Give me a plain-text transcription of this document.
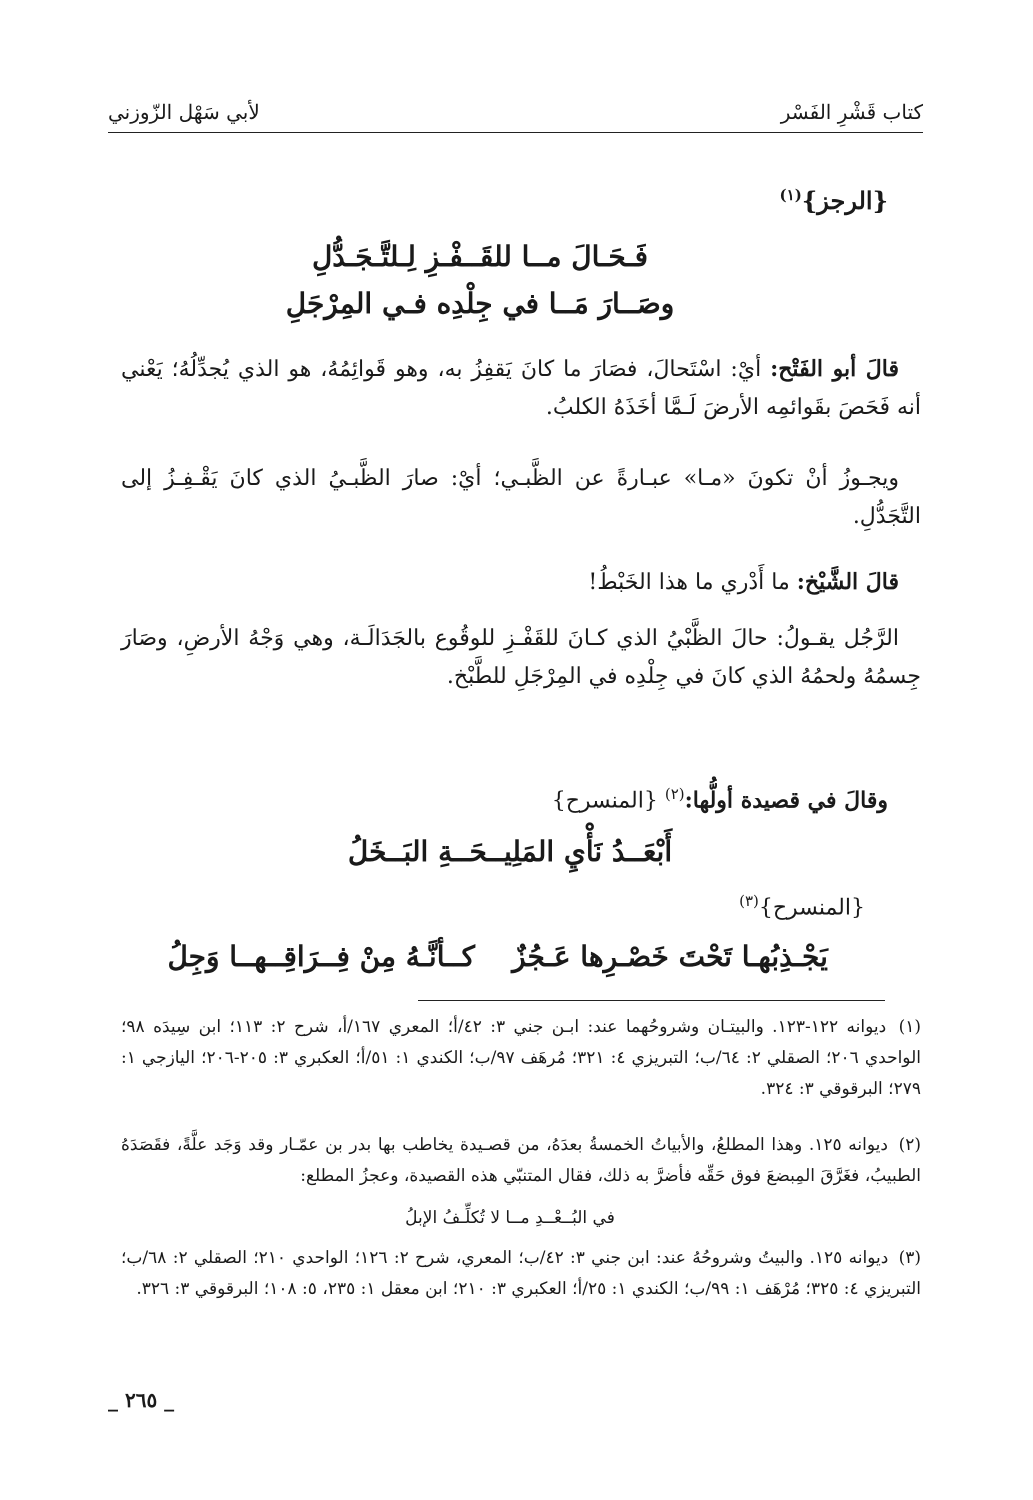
كتاب قَشْرِ الفَسْر
لأبي سَهْل الزّوزني
{الرجز}$^{(١)}$
فَـحَـالَ مــا للقَــفْـزِ لِـلتَّـجَـدُّلِ
وصَــارَ مَــا في جِلْدِه فـي المِرْجَلِ
قالَ أبو الفَتْح: أيْ: اسْتَحالَ، فصَارَ ما كانَ يَقفِزُ به، وهو قَوائِمُهُ، هو الذي يُجدِّلُهُ؛ يَعْني أنه فَحَصَ بقَوائمِه الأرضَ لَـمَّا أخَذَهُ الكلبُ.
ويجـوزُ أنْ تكونَ «مـا» عبـارةً عن الظَّبـي؛ أيْ: صارَ الظَّبـيُ الذي كانَ يَقْـفِـزُ إلى التَّجَدُّلِ.
قالَ الشَّيْخ: ما أَدْري ما هذا الخَبْطُ!
الرَّجُل يقـولُ: حالَ الظَّبْيُ الذي كـانَ للقَفْـزِ للوقُوع بالجَدَالَـة، وهي وَجْهُ الأرضِ، وصَارَ جِسمُهُ ولحمُهُ الذي كانَ في جِلْدِه في المِرْجَلِ للطَّبْخ.
وقالَ في قصيدة أولُّها:$^{(٢)}$ {المنسرح}
أَبْعَــدُ نَأْيِ المَلِيــحَــةِ البَــخَلُ
{المنسرح}$^{(٣)}$
يَجْـذِبُهـا تَحْتَ خَصْـرِها عَـجُزٌ
كــأنَّـهُ مِنْ فِــرَاقِــهــا وَجِلُ
(١) ديوانه ١٢٢-١٢٣. والبيتـان وشروحُهما عند: ابـن جني ٣: ٤٢/أ؛ المعري ١٦٧/أ، شرح ٢: ١١٣؛ ابن سِيدَه ٩٨؛ الواحدي ٢٠٦؛ الصقلي ٢: ٦٤/ب؛ التبريزي ٤: ٣٢١؛ مُرهَف ٩٧/ب؛ الكندي ١: ٥١/أ؛ العكبري ٣: ٢٠٥-٢٠٦؛ اليازجي ١: ٢٧٩؛ البرقوقي ٣: ٣٢٤.
(٢) ديوانه ١٢٥. وهذا المطلعُ، والأبياتُ الخمسةُ بعدَهُ، من قصـيدة يخاطب بها بدر بن عمّـار وقد وَجَد علَّةً، فقَصَدَهُ الطبيبُ، فغَرَّقَ المِبضعَ فوق حَقِّه فأضرَّ به ذلك، فقال المتنبّي هذه القصيدة، وعجزُ المطلع:
في البُــعْــدِ مــا لا تُكلِّـفُ الإبلُ
(٣) ديوانه ١٢٥. والبيتُ وشروحُهُ عند: ابن جني ٣: ٤٢/ب؛ المعري، شرح ٢: ١٢٦؛ الواحدي ٢١٠؛ الصقلي ٢: ٦٨/ب؛ التبريزي ٤: ٣٢٥؛ مُرْهَف ١: ٩٩/ب؛ الكندي ١: ٢٥/أ؛ العكبري ٣: ٢١٠؛ ابن معقل ١: ٢٣٥، ٥: ١٠٨؛ البرقوقي ٣: ٣٢٦.
_ ٢٦٥ _
